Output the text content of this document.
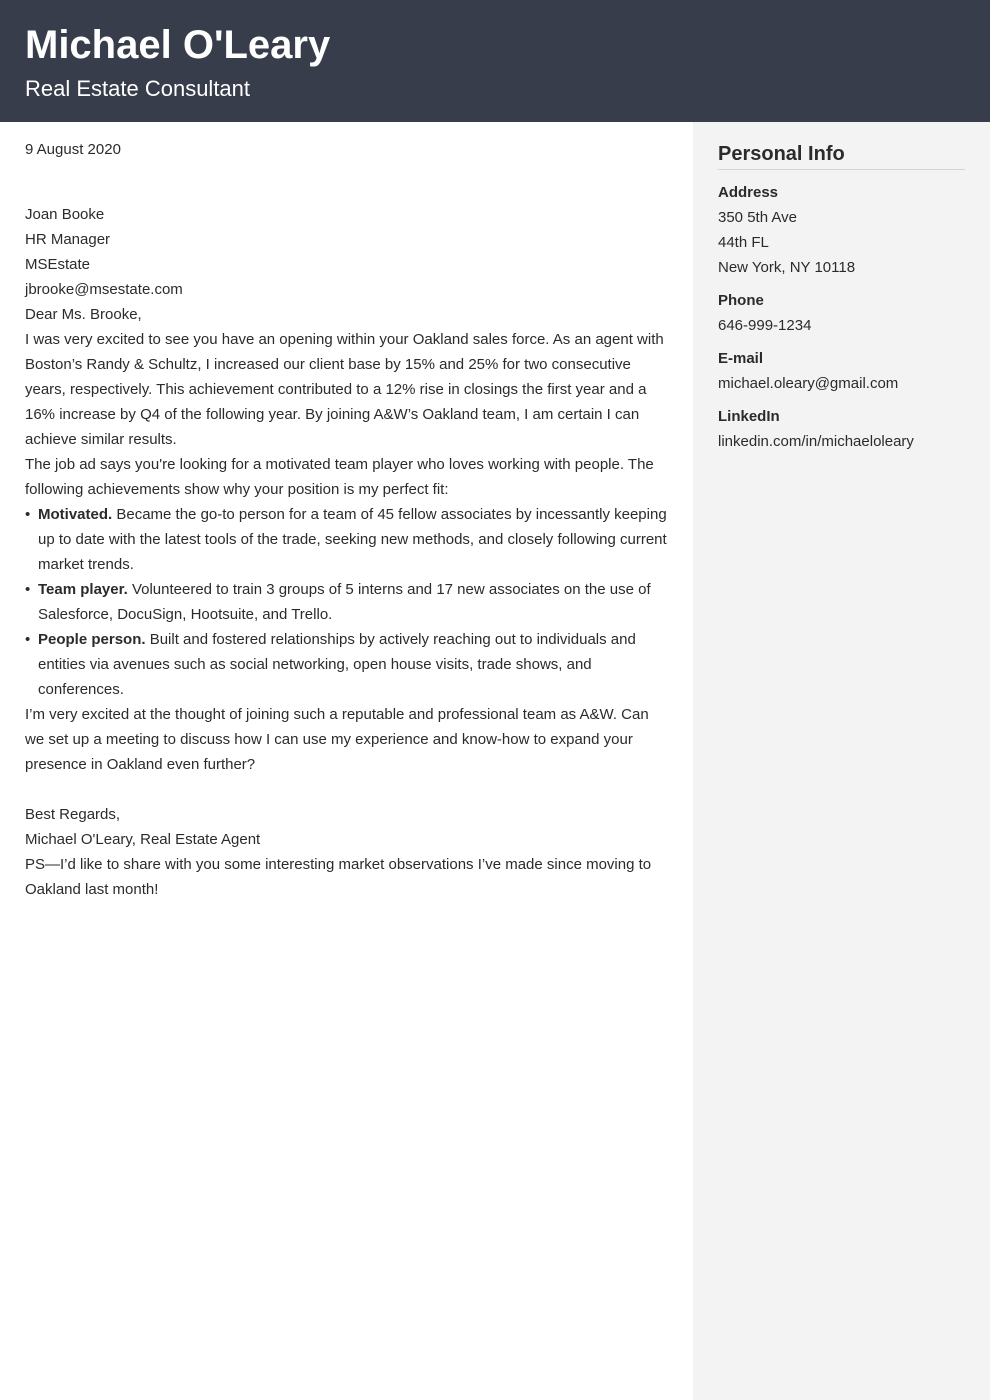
Michael O'Leary
Real Estate Consultant

9 August 2020

Joan Booke

HR Manager

MSEstate

jbrooke@msestate.com

Dear Ms. Brooke,

I was very excited to see you have an opening within your Oakland sales force. As an agent with Boston’s Randy & Schultz, I increased our client base by 15% and 25% for two consecutive years, respectively. This achievement contributed to a 12% rise in closings the first year and a 16% increase by Q4 of the following year. By joining A&W’s Oakland team, I am certain I can achieve similar results.

The job ad says you're looking for a motivated team player who loves working with people. The following achievements show why your position is my perfect fit:

• Motivated. Became the go-to person for a team of 45 fellow associates by incessantly keeping up to date with the latest tools of the trade, seeking new methods, and closely following current market trends.
• Team player. Volunteered to train 3 groups of 5 interns and 17 new associates on the use of Salesforce, DocuSign, Hootsuite, and Trello.
• People person. Built and fostered relationships by actively reaching out to individuals and entities via avenues such as social networking, open house visits, trade shows, and conferences.

I’m very excited at the thought of joining such a reputable and professional team as A&W. Can we set up a meeting to discuss how I can use my experience and know-how to expand your presence in Oakland even further?

Best Regards,

Michael O'Leary, Real Estate Agent

PS—I’d like to share with you some interesting market observations I’ve made since moving to Oakland last month!

Personal Info
Address
350 5th Ave
44th FL
New York, NY 10118
Phone
646-999-1234
E-mail
michael.oleary@gmail.com
LinkedIn
linkedin.com/in/michaeloleary
